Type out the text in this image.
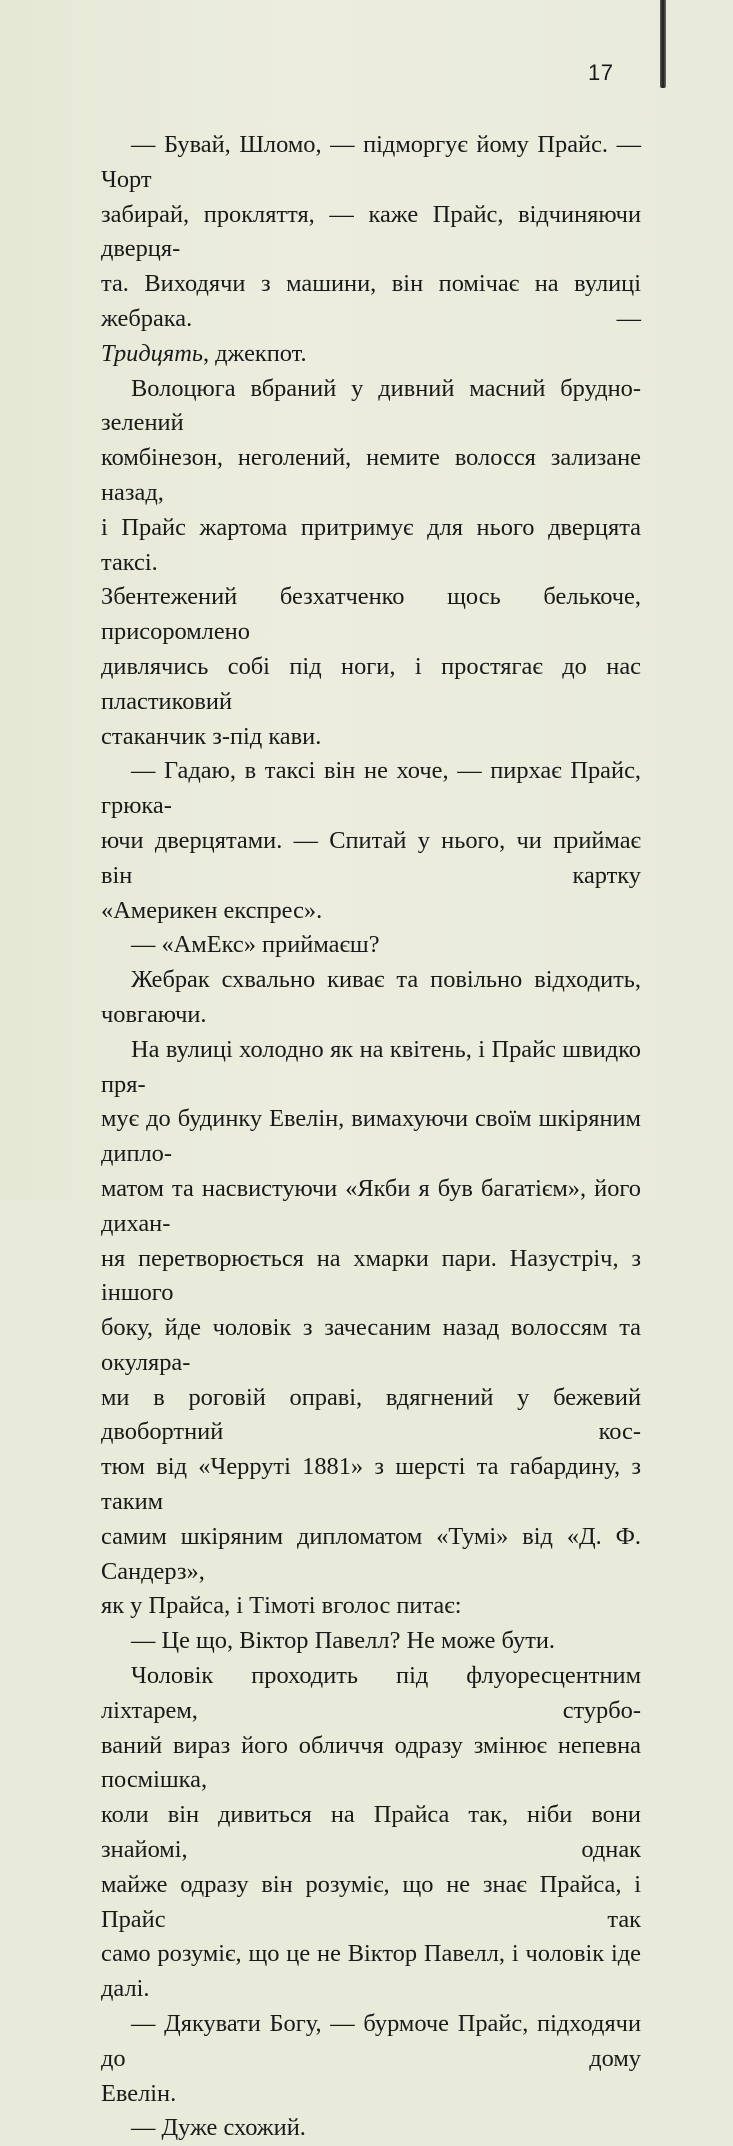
17

— Бувай, Шломо, — підморгує йому Прайс. — Чорт

забирай, прокляття, — каже Прайс, відчиняючи дверця-

та. Виходячи з машини, він помічає на вулиці жебрака. —

Тридцять, джекпот.

Волоцюга вбраний у дивний масний брудно-зелений

комбінезон, неголений, немите волосся зализане назад,

і Прайс жартома притримує для нього дверцята таксі.

Збентежений безхатченко щось белькоче, присоромлено

дивлячись собі під ноги, і простягає до нас пластиковий

стаканчик з-під кави.

— Гадаю, в таксі він не хоче, — пирхає Прайс, грюка-

ючи дверцятами. — Спитай у нього, чи приймає він картку

«Америкен експрес».

— «АмЕкс» приймаєш?

Жебрак схвально киває та повільно відходить, човгаючи.

На вулиці холодно як на квітень, і Прайс швидко пря-

мує до будинку Евелін, вимахуючи своїм шкіряним дипло-

матом та насвистуючи «Якби я був багатієм», його дихан-

ня перетворюється на хмарки пари. Назустріч, з іншого

боку, йде чоловік з зачесаним назад волоссям та окуляра-

ми в роговій оправі, вдягнений у бежевий двобортний кос-

тюм від «Черруті 1881» з шерсті та габардину, з таким

самим шкіряним дипломатом «Тумі» від «Д. Ф. Сандерз»,

як у Прайса, і Тімоті вголос питає:

— Це що, Віктор Павелл? Не може бути.

Чоловік проходить під флуоресцентним ліхтарем, стурбо-

ваний вираз його обличчя одразу змінює непевна посмішка,

коли він дивиться на Прайса так, ніби вони знайомі, однак

майже одразу він розуміє, що не знає Прайса, і Прайс так

само розуміє, що це не Віктор Павелл, і чоловік іде далі.

— Дякувати Богу, — бурмоче Прайс, підходячи до дому

Евелін.

— Дуже схожий.
